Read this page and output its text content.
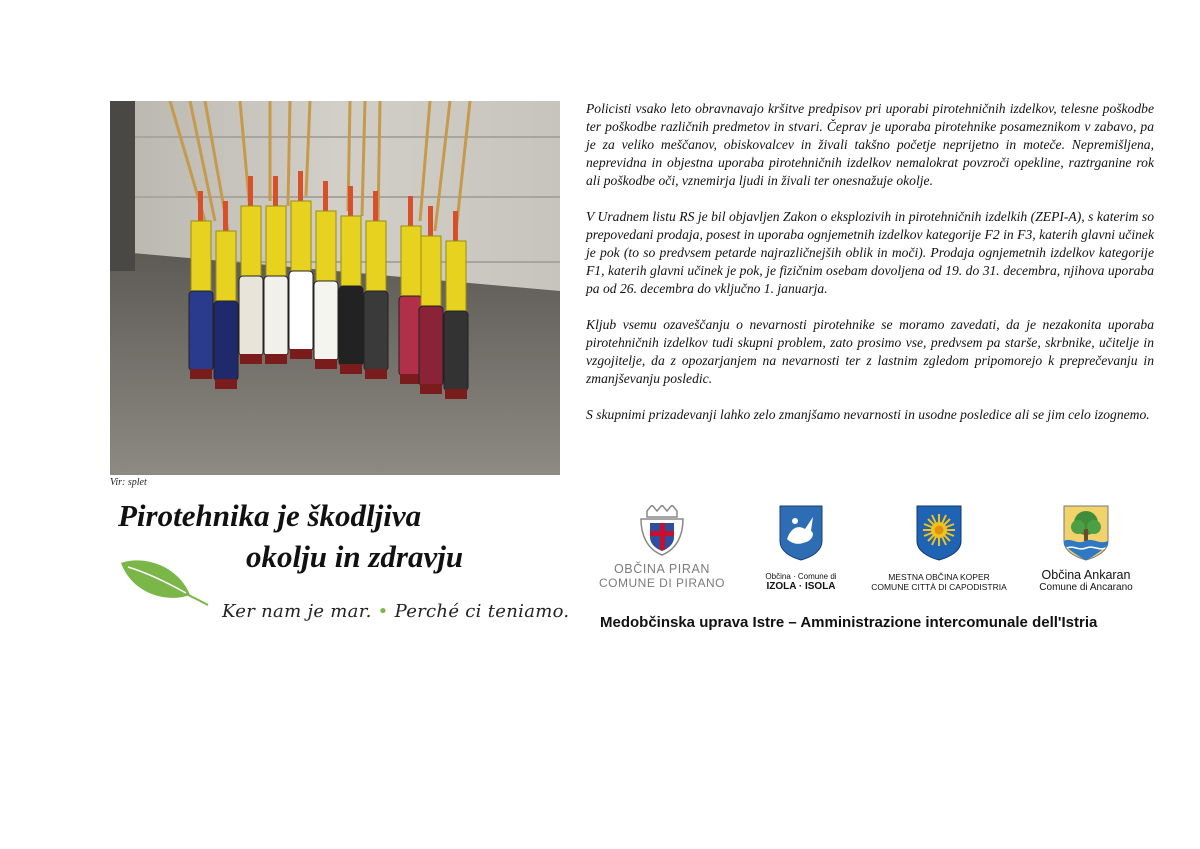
Vir: splet
Pirotehnika je škodljiva
okolju in zdravju
Ker nam je mar. • Perché ci teniamo.

Policisti vsako leto obravnavajo kršitve predpisov pri uporabi pirotehničnih izdelkov, telesne poškodbe ter poškodbe različnih predmetov in stvari. Čeprav je uporaba pirotehnike posameznikom v zabavo, pa je za veliko meščanov, obiskovalcev in živali takšno početje neprijetno in moteče. Nepremišljena, neprevidna in objestna uporaba pirotehničnih izdelkov nemalokrat povzroči opekline, raztrganine rok ali poškodbe oči, vznemirja ljudi in živali ter onesnažuje okolje.

V Uradnem listu RS je bil objavljen Zakon o eksplozivih in pirotehničnih izdelkih (ZEPI-A), s katerim so prepovedani prodaja, posest in uporaba ognjemetnih izdelkov kategorije F2 in F3, katerih glavni učinek je pok (to so predvsem petarde najrazličnejših oblik in moči). Prodaja ognjemetnih izdelkov kategorije F1, katerih glavni učinek je pok, je fizičnim osebam dovoljena od 19. do 31. decembra, njihova uporaba pa od 26. decembra do vključno 1. januarja.

Kljub vsemu ozaveščanju o nevarnosti pirotehnike se moramo zavedati, da je nezakonita uporaba pirotehničnih izdelkov tudi skupni problem, zato prosimo vse, predvsem pa starše, skrbnike, učitelje in vzgojitelje, da z opozarjanjem na nevarnosti ter z lastnim zgledom pripomorejo k preprečevanju in zmanjševanju posledic.

S skupnimi prizadevanji lahko zelo zmanjšamo nevarnosti in usodne posledice ali se jim celo izognemo.

OBČINA PIRAN
COMUNE DI PIRANO	Občina · Comune di
IZOLA · ISOLA
MESTNA OBČINA KOPER
COMUNE CITTÀ DI CAPODISTRIA
Občina Ankaran
Comune di Ancarano
Medobčinska uprava Istre – Amministrazione intercomunale dell'Istria
